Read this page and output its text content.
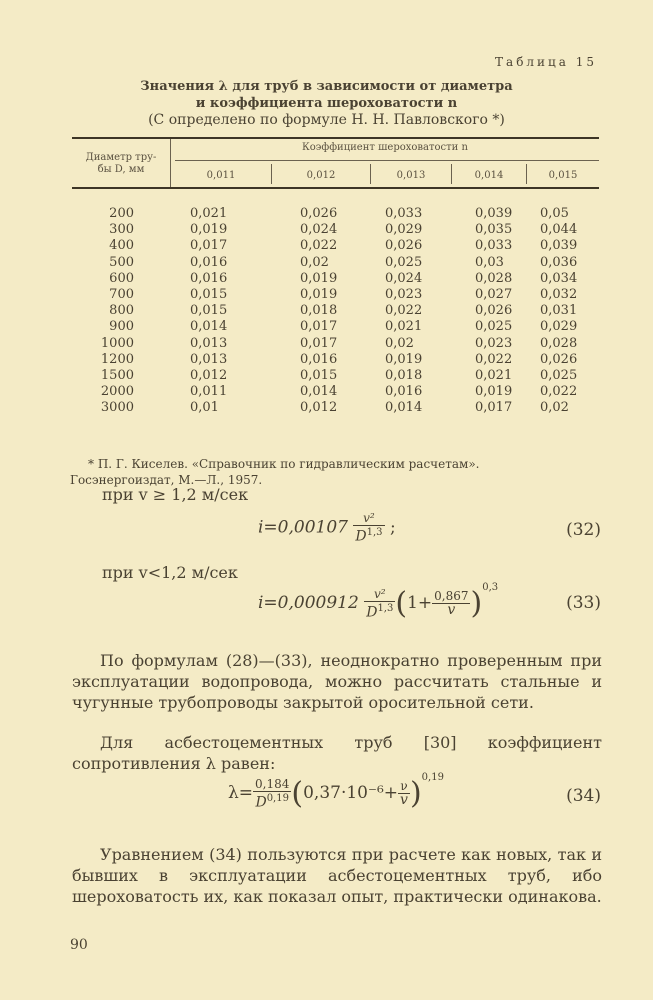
Таблица 15
Значения λ для труб в зависимости от диаметра
и коэффициента шероховатости n
(C определено по формуле Н. Н. Павловского *)
Диаметр тру-
бы D, мм
Коэффициент шероховатости n
0,011	0,012	0,013	0,014	0,015
200	0,021	0,026	0,033	0,039 0,05
300	0,019	0,024	0,029	0,035 0,044
400	0,017	0,022	0,026	0,033 0,039
500	0,016	0,02	0,025	0,03	0,036
600	0,016	0,019	0,024	0,028 0,034
700	0,015	0,019	0,023	0,027 0,032
800	0,015	0,018	0,022	0,026 0,031
900	0,014	0,017	0,021	0,025 0,029
1000	0,013	0,017	0,02	0,023 0,028
1200	0,013	0,016	0,019	0,022 0,026
1500	0,012	0,015	0,018	0,021 0,025
2000	0,011	0,014	0,016	0,019 0,022
3000	0,01	0,012	0,014	0,017 0,02
* П. Г. Киселев. «Справочник по гидравлическим расчетам».
Госэнергоиздат, М.—Л., 1957.
при v ≥ 1,2 м/сек
$i=0,00107 \frac{\text{v²}}{D^{1,3}}$ ;	(32)
при v<1,2 м/сек
$i=0,000912 \frac{\text{v²}}{D^{1,3}} (1+ \frac{0,867}{v} )^{0,3}$
(33)
По формулам (28)—(33), неоднократно проверенным при эксплуатации водопровода, можно рассчитать стальные и чугунные трубопроводы закрытой оросительной сети.
Для асбестоцементных труб [30] коэффициент сопротивления λ равен:
$\lambda= \frac{0,184}{D^{0,19}} (0,37\cdot 10^{-6}+ \frac{\nu}{v} )^{0,19}$
(34)
Уравнением (34) пользуются при расчете как новых, так и бывших в эксплуатации асбестоцементных труб, ибо шероховатость их, как показал опыт, практически одинакова.
90
